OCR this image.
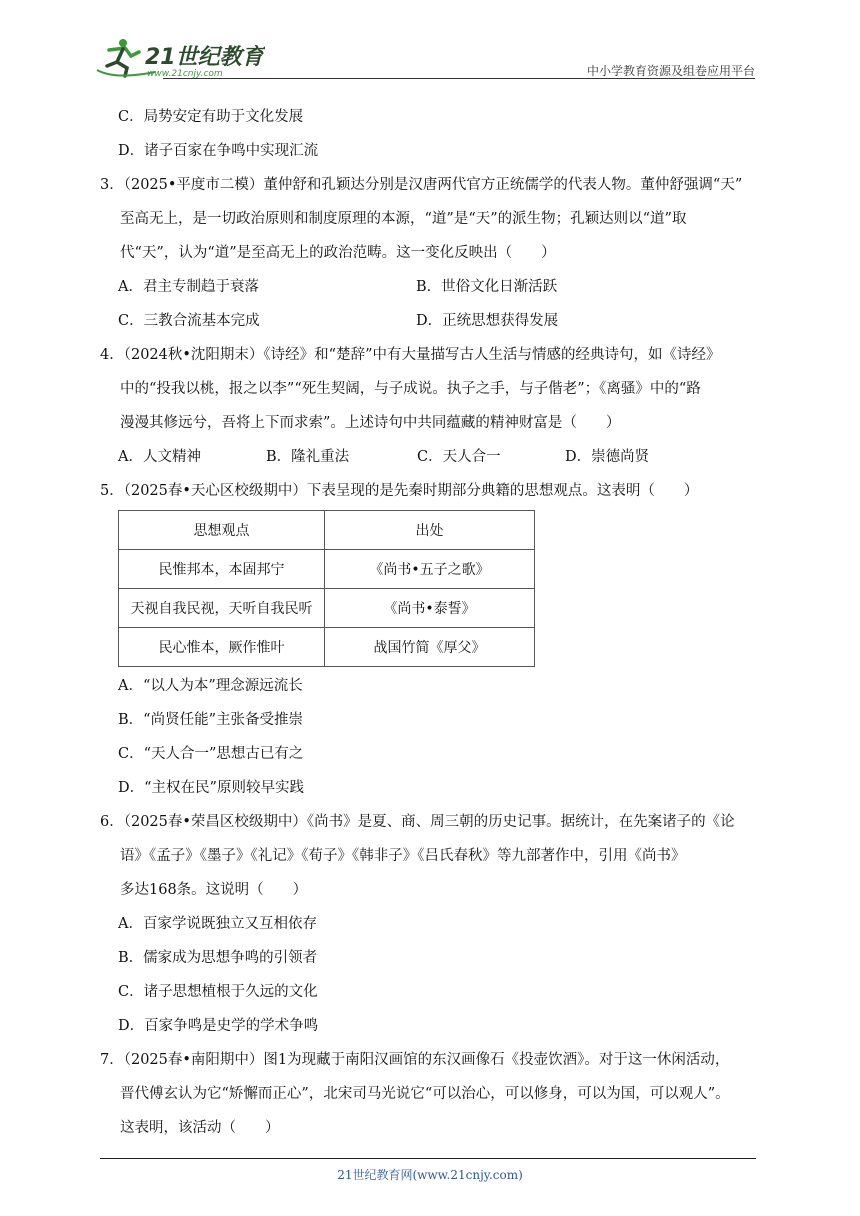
21世纪教育
www.21cnjy.com	中小学教育资源及组卷应用平台
C．局势安定有助于文化发展
D．诸子百家在争鸣中实现汇流
3．（2025•平度市二模）董仲舒和孔颖达分别是汉唐两代官方正统儒学的代表人物。董仲舒强调“天”
至高无上，是一切政治原则和制度原理的本源，“道”是“天”的派生物；孔颖达则以“道”取
代“天”，认为“道”是至高无上的政治范畴。这一变化反映出（　　）
A．君主专制趋于衰落	B．世俗文化日渐活跃
C．三教合流基本完成	D．正统思想获得发展
4．（2024秋•沈阳期末）《诗经》和“楚辞”中有大量描写古人生活与情感的经典诗句，如《诗经》
中的“投我以桃，报之以李”“死生契阔，与子成说。执子之手，与子偕老”；《离骚》中的“路
漫漫其修远兮，吾将上下而求索”。上述诗句中共同蕴藏的精神财富是（　　）
A．人文精神	B．隆礼重法	C．天人合一	D．崇德尚贤
5．（2025春•天心区校级期中）下表呈现的是先秦时期部分典籍的思想观点。这表明（　　）
思想观点	出处
民惟邦本，本固邦宁	《尚书•五子之歌》
天视自我民视，天听自我民听	《尚书•泰誓》
民心惟本，厥作惟叶	战国竹简《厚父》
A．“以人为本”理念源远流长
B．“尚贤任能”主张备受推崇
C．“天人合一”思想古已有之
D．“主权在民”原则较早实践
6．（2025春•荣昌区校级期中）《尚书》是夏、商、周三朝的历史记事。据统计，在先案诸子的《论
语》《孟子》《墨子》《礼记》《荀子》《韩非子》《吕氏春秋》等九部著作中，引用《尚书》
多达168条。这说明（　　）
A．百家学说既独立又互相依存
B．儒家成为思想争鸣的引领者
C．诸子思想植根于久远的文化
D．百家争鸣是史学的学术争鸣
7．（2025春•南阳期中）图1为现藏于南阳汉画馆的东汉画像石《投壶饮酒》。对于这一休闲活动，
晋代傅玄认为它“矫懈而正心”，北宋司马光说它“可以治心，可以修身，可以为国，可以观人”。
这表明，该活动（　　）
21世纪教育网(www.21cnjy.com)
